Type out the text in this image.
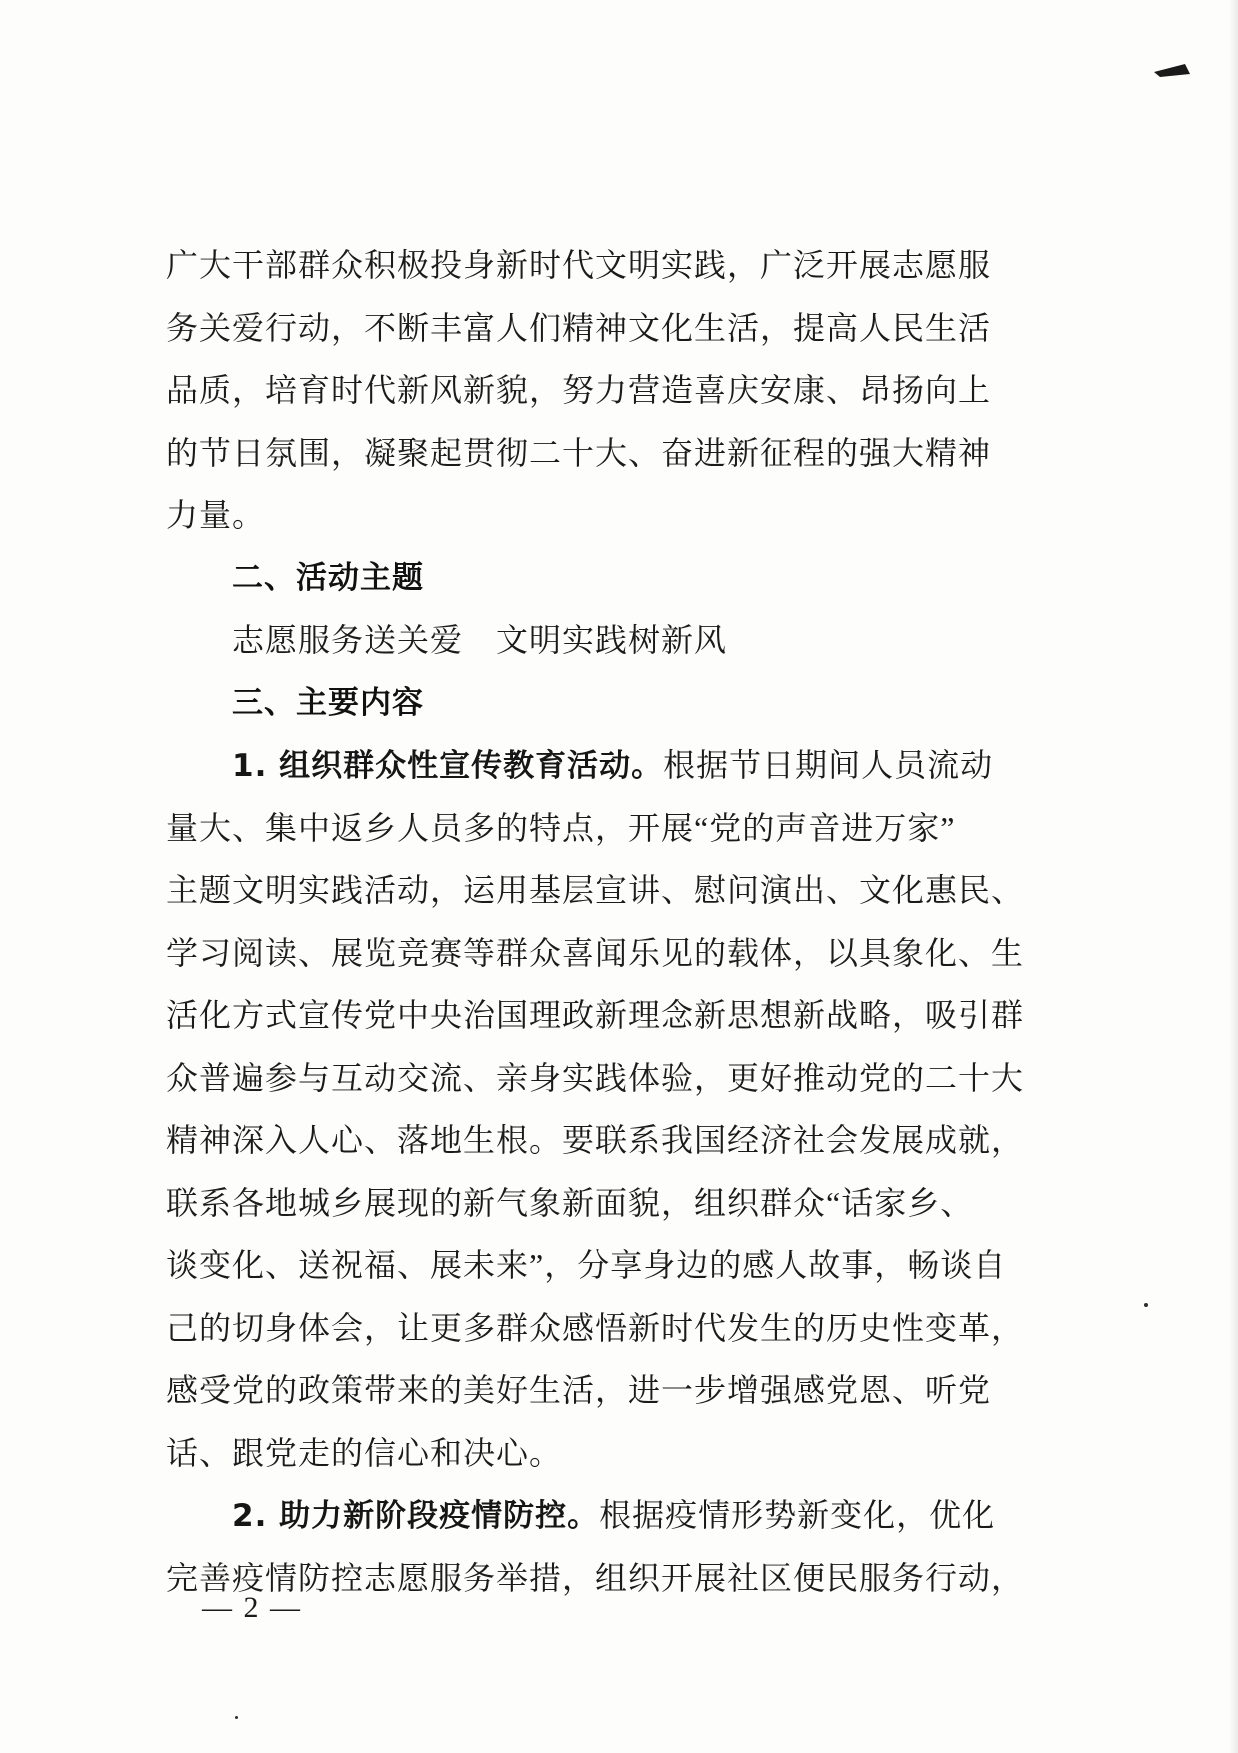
广大干部群众积极投身新时代文明实践，广泛开展志愿服
务关爱行动，不断丰富人们精神文化生活，提高人民生活
品质，培育时代新风新貌，努力营造喜庆安康、昂扬向上
的节日氛围，凝聚起贯彻二十大、奋进新征程的强大精神
力量。
二、活动主题
志愿服务送关爱　文明实践树新风
三、主要内容
1. 组织群众性宣传教育活动。根据节日期间人员流动
量大、集中返乡人员多的特点，开展“党的声音进万家”
主题文明实践活动，运用基层宣讲、慰问演出、文化惠民、
学习阅读、展览竞赛等群众喜闻乐见的载体，以具象化、生
活化方式宣传党中央治国理政新理念新思想新战略，吸引群
众普遍参与互动交流、亲身实践体验，更好推动党的二十大
精神深入人心、落地生根。要联系我国经济社会发展成就，
联系各地城乡展现的新气象新面貌，组织群众“话家乡、
谈变化、送祝福、展未来”，分享身边的感人故事，畅谈自
己的切身体会，让更多群众感悟新时代发生的历史性变革，
感受党的政策带来的美好生活，进一步增强感党恩、听党
话、跟党走的信心和决心。
2. 助力新阶段疫情防控。根据疫情形势新变化，优化
完善疫情防控志愿服务举措，组织开展社区便民服务行动，
— 2 —
